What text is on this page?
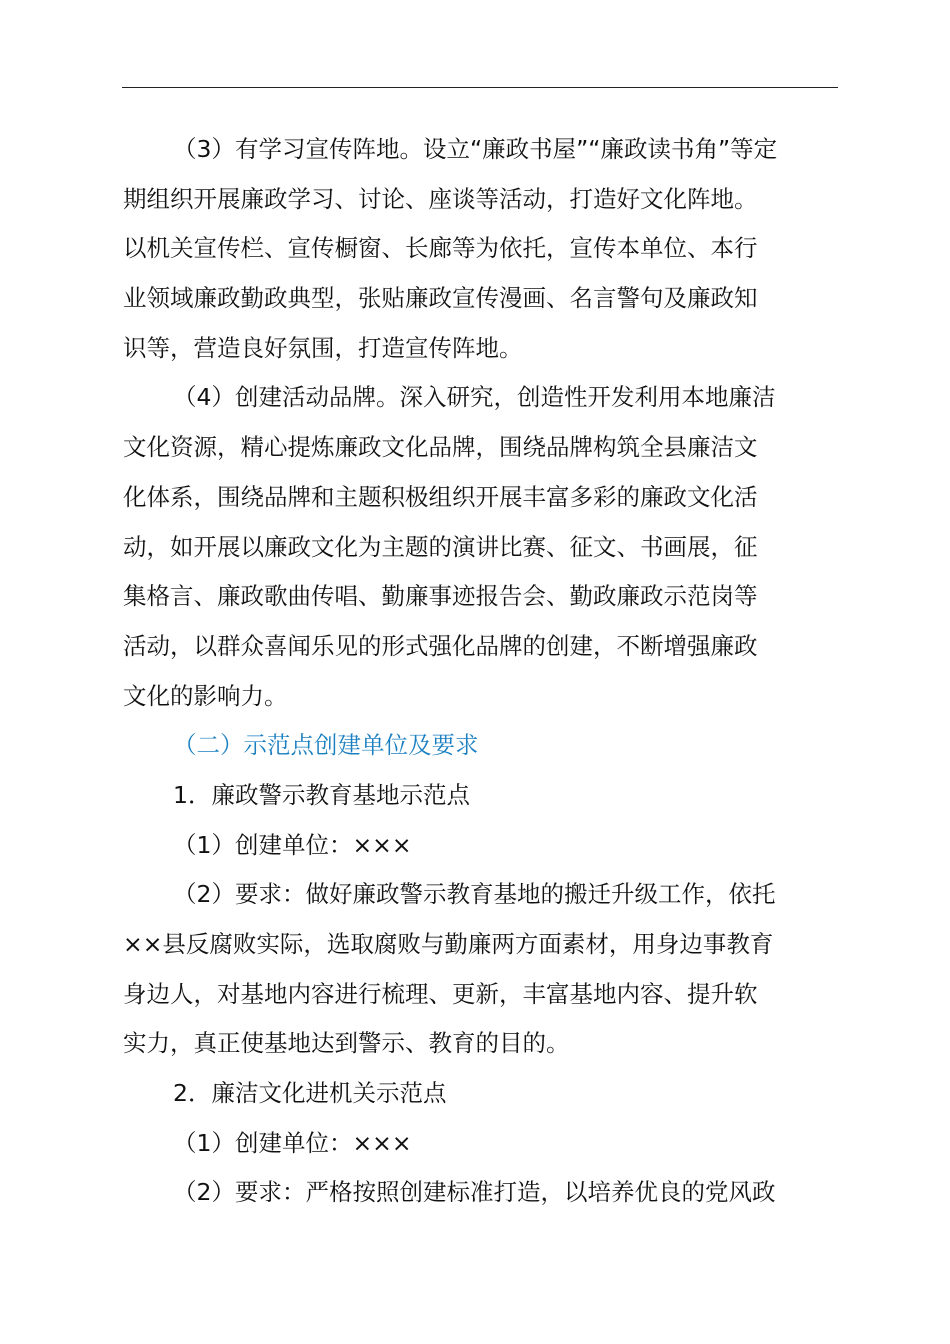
（3）有学习宣传阵地。设立“廉政书屋”“廉政读书角”等定
期组织开展廉政学习、讨论、座谈等活动，打造好文化阵地。
以机关宣传栏、宣传橱窗、长廊等为依托，宣传本单位、本行
业领域廉政勤政典型，张贴廉政宣传漫画、名言警句及廉政知
识等，营造良好氛围，打造宣传阵地。
（4）创建活动品牌。深入研究，创造性开发利用本地廉洁
文化资源，精心提炼廉政文化品牌，围绕品牌构筑全县廉洁文
化体系，围绕品牌和主题积极组织开展丰富多彩的廉政文化活
动，如开展以廉政文化为主题的演讲比赛、征文、书画展，征
集格言、廉政歌曲传唱、勤廉事迹报告会、勤政廉政示范岗等
活动，以群众喜闻乐见的形式强化品牌的创建，不断增强廉政
文化的影响力。
（二）示范点创建单位及要求
1．廉政警示教育基地示范点
（1）创建单位：×××
（2）要求：做好廉政警示教育基地的搬迁升级工作，依托
××县反腐败实际，选取腐败与勤廉两方面素材，用身边事教育
身边人，对基地内容进行梳理、更新，丰富基地内容、提升软
实力，真正使基地达到警示、教育的目的。
2．廉洁文化进机关示范点
（1）创建单位：×××
（2）要求：严格按照创建标准打造，以培养优良的党风政
